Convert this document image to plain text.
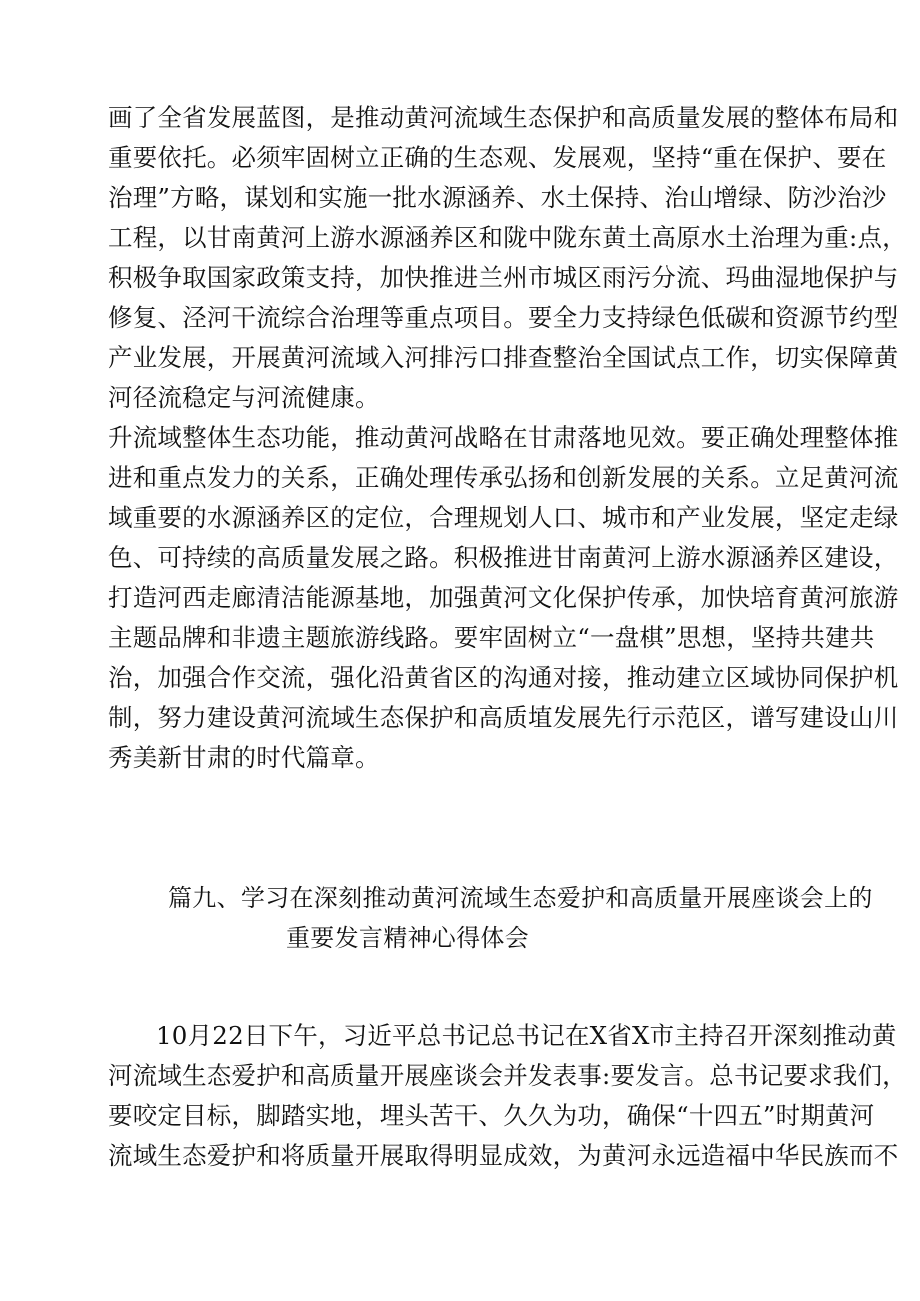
画了全省发展蓝图，是推动黄河流域生态保护和高质量发展的整体布局和
重要依托。必须牢固树立正确的生态观、发展观，坚持“重在保护、要在
治理”方略，谋划和实施一批水源涵养、水土保持、治山增绿、防沙治沙
工程，以甘南黄河上游水源涵养区和陇中陇东黄土高原水土治理为重:点，
积极争取国家政策支持，加快推进兰州市城区雨污分流、玛曲湿地保护与
修复、泾河干流综合治理等重点项目。要全力支持绿色低碳和资源节约型
产业发展，开展黄河流域入河排污口排查整治全国试点工作，切实保障黄
河径流稳定与河流健康。
升流域整体生态功能，推动黄河战略在甘肃落地见效。要正确处理整体推
进和重点发力的关系，正确处理传承弘扬和创新发展的关系。立足黄河流
域重要的水源涵养区的定位，合理规划人口、城市和产业发展，坚定走绿
色、可持续的高质量发展之路。积极推进甘南黄河上游水源涵养区建设，
打造河西走廊清洁能源基地，加强黄河文化保护传承，加快培育黄河旅游
主题品牌和非遗主题旅游线路。要牢固树立“一盘棋”思想，坚持共建共
治，加强合作交流，强化沿黄省区的沟通对接，推动建立区域协同保护机
制，努力建设黄河流域生态保护和高质埴发展先行示范区，谱写建设山川
秀美新甘肃的时代篇章。
篇九、学习在深刻推动黄河流域生态爱护和高质量开展座谈会上的
重要发言精神心得体会
10月22日下午，习近平总书记总书记在X省X市主持召开深刻推动黄
河流域生态爱护和高质量开展座谈会并发表事:要发言。总书记要求我们，
要咬定目标，脚踏实地，埋头苦干、久久为功，确保“十四五”时期黄河
流域生态爱护和将质量开展取得明显成效，为黄河永远造福中华民族而不
